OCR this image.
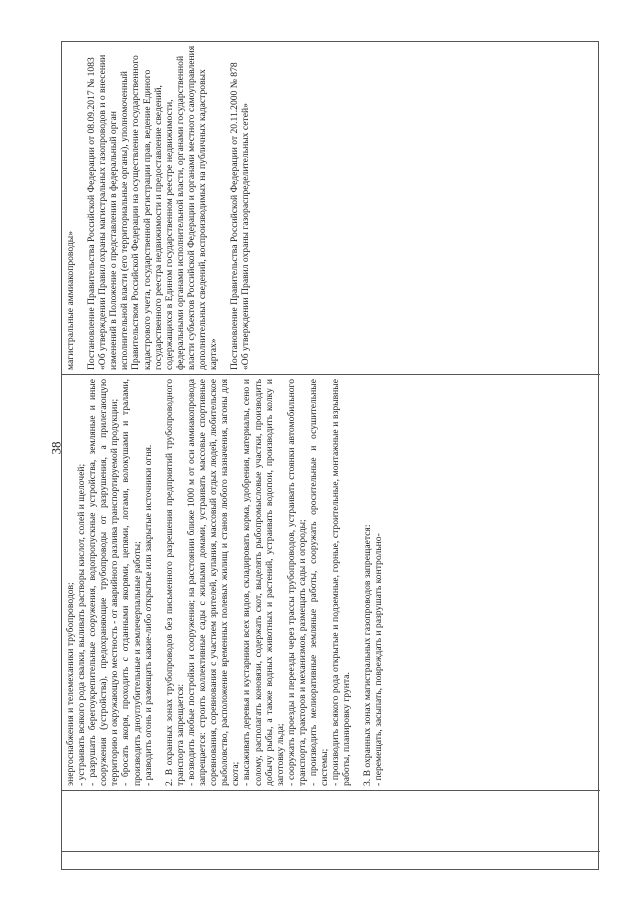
38

энергоснабжения и телемеханики трубопроводов; - устраивать всякого рода свалки, выливать растворы кислот, солей и щелочей; - разрушать берегоукрепительные сооружения, водопропускные устройства, земляные и иные сооружения (устройства), предохраняющие трубопроводы от разрушения, а прилегающую территорию и окружающую местность - от аварийного разлива транспортируемой продукции; - бросать якоря, проходить с отданными якорями, цепями, лотами, волокушами и тралами, производить дноуглубительные и землечерпальные работы; - разводить огонь и размещать какие-либо открытые или закрытые источники огня. 2. В охранных зонах трубопроводов без письменного разрешения предприятий трубопроводного транспорта запрещается: - возводить любые постройки и сооружения; на расстоянии ближе 1000 м от оси аммиакопровода запрещается: строить коллективные сады с жилыми домами, устраивать массовые спортивные соревнования, соревнования с участием зрителей, купания, массовый отдых людей, любительское рыболовство, расположение временных полевых жилищ и станов любого назначения, загоны для скота; - высаживать деревья и кустарники всех видов, складировать корма, удобрения, материалы, сено и солому, располагать коновязи, содержать скот, выделять рыбопромысловые участки, производить добычу рыбы, а также водных животных и растений, устраивать водопои, производить колку и заготовку льда; - сооружать проезды и переезды через трассы трубопроводов, устраивать стоянки автомобильного транспорта, тракторов и механизмов, размещать сады и огороды; - производить мелиоративные земляные работы, сооружать оросительные и осушительные системы; - производить всякого рода открытые и подземные, горные, строительные, монтажные и взрывные работы, планировку грунта. 3. В охранных зонах магистральных газопроводов запрещается: - перемещать, засыпать, повреждать и разрушать контрольно-

магистральные аммиакопроводы» Постановление Правительства Российской Федерации от 08.09.2017 № 1083 «Об утверждении Правил охраны магистральных газопроводов и о внесении изменений в Положение о представлении в федеральный орган исполнительной власти (его территориальные органы), уполномоченный Правительством Российской Федерации на осуществление государственного кадастрового учета, государственной регистрации прав, ведение Единого государственного реестра недвижимости и предоставление сведений, содержащихся в Едином государственном реестре недвижимости, федеральными органами исполнительной власти, органами государственной власти субъектов Российской Федерации и органами местного самоуправления дополнительных сведений, воспроизводимых на публичных кадастровых картах» Постановление Правительства Российской Федерации от 20.11.2000 № 878 «Об утверждении Правил охраны газораспределительных сетей»
